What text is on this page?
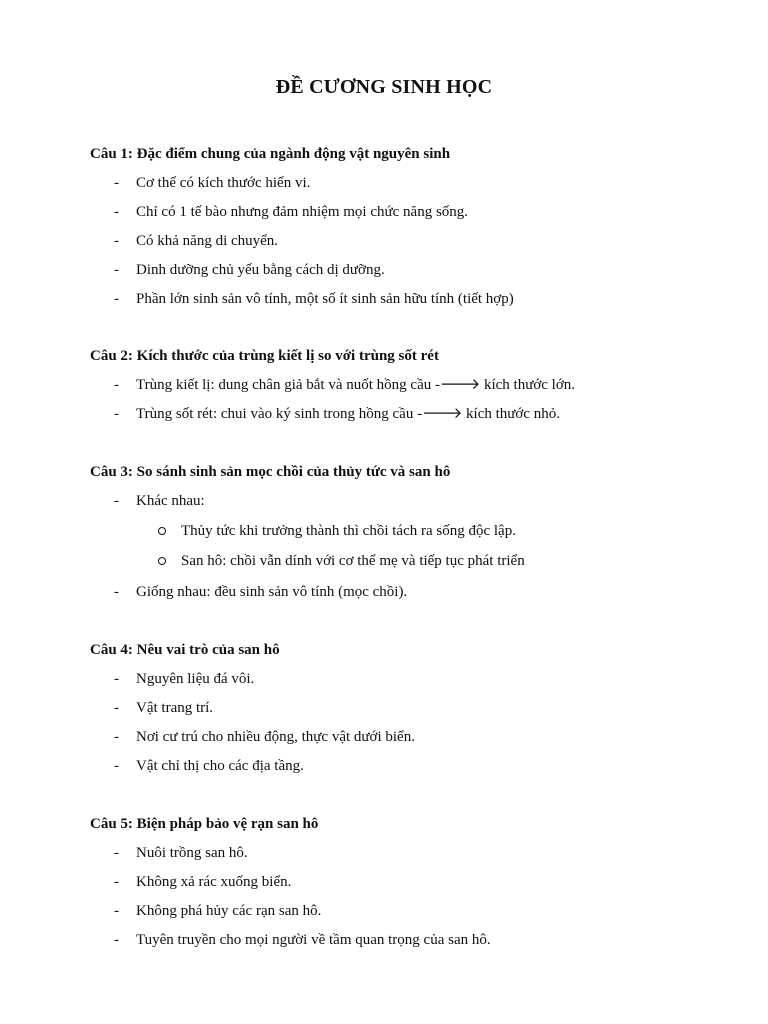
ĐỀ CƯƠNG SINH HỌC
Câu 1: Đặc điểm chung của ngành động vật nguyên sinh
- Cơ thể có kích thước hiển vi.
- Chỉ có 1 tế bào nhưng đảm nhiệm mọi chức năng sống.
- Có khả năng di chuyển.
- Dinh dưỡng chủ yếu bằng cách dị dưỡng.
- Phần lớn sinh sản vô tính, một số ít sinh sản hữu tính (tiết hợp)
Câu 2: Kích thước của trùng kiết lị so với trùng sốt rét
- Trùng kiết lị: dung chân giả bắt và nuốt hồng cầu -🡒 kích thước lớn.
- Trùng sốt rét: chui vào ký sinh trong hồng cầu -🡒 kích thước nhỏ.
Câu 3: So sánh sinh sản mọc chồi của thủy tức và san hô
- Khác nhau:
Thủy tức khi trưởng thành thì chồi tách ra sống độc lập.
San hô: chồi vẫn dính với cơ thể mẹ và tiếp tục phát triển
- Giống nhau: đều sinh sản vô tính (mọc chồi).
Câu 4: Nêu vai trò của san hô
- Nguyên liệu đá vôi.
- Vật trang trí.
- Nơi cư trú cho nhiều động, thực vật dưới biển.
- Vật chỉ thị cho các địa tầng.
Câu 5: Biện pháp bảo vệ rạn san hô
- Nuôi trồng san hô.
- Không xả rác xuống biển.
- Không phá hủy các rạn san hô.
- Tuyên truyền cho mọi người về tầm quan trọng của san hô.
